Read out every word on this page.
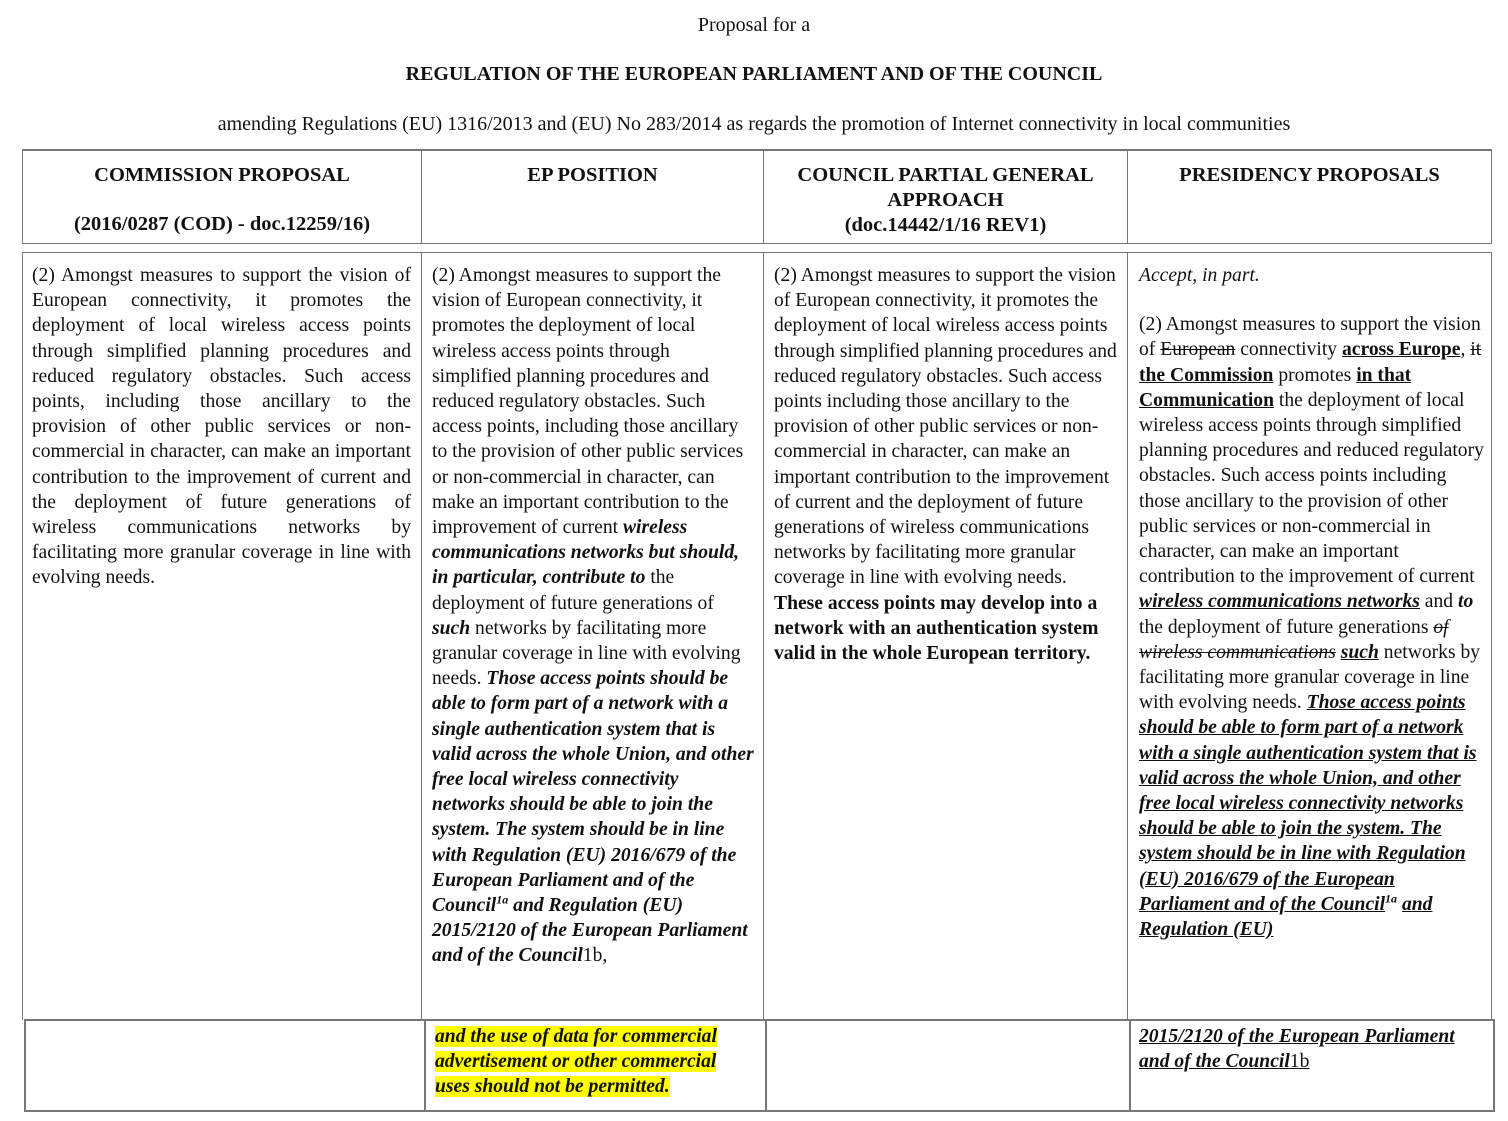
Proposal for a
REGULATION OF THE EUROPEAN PARLIAMENT AND OF THE COUNCIL
amending Regulations (EU) 1316/2013 and (EU) No 283/2014 as regards the promotion of Internet connectivity in local communities
COMMISSION PROPOSAL
(2016/0287 (COD) - doc.12259/16)
EP POSITION	COUNCIL PARTIAL GENERAL
APPROACH
(doc.14442/1/16 REV1)
PRESIDENCY PROPOSALS

(2) Amongst measures to support the vision of European connectivity, it promotes the deployment of local wireless access points through simplified planning procedures and reduced regulatory obstacles. Such access points, including those ancillary to the provision of other public services or non-commercial in character, can make an important contribution to the improvement of current and the deployment of future generations of wireless communications networks by facilitating more granular coverage in line with evolving needs.

(2) Amongst measures to support the vision of European connectivity, it promotes the deployment of local wireless access points through simplified planning procedures and reduced regulatory obstacles. Such access points, including those ancillary to the provision of other public services or non-commercial in character, can make an important contribution to the improvement of current wireless communications networks but should, in particular, contribute to the deployment of future generations of such networks by facilitating more granular coverage in line with evolving needs. Those access points should be able to form part of a network with a single authentication system that is valid across the whole Union, and other free local wireless connectivity networks should be able to join the system. The system should be in line with Regulation (EU) 2016/679 of the European Parliament and of the Council$^{1a}$ and Regulation (EU) 2015/2120 of the European Parliament and of the Council1b,

and the use of data for commercial advertisement or other commercial uses should not be permitted.

(2) Amongst measures to support the vision of European connectivity, it promotes the deployment of local wireless access points through simplified planning procedures and reduced regulatory obstacles. Such access points including those ancillary to the provision of other public services or non-commercial in character, can make an important contribution to the improvement of current and the deployment of future generations of wireless communications networks by facilitating more granular coverage in line with evolving needs. These access points may develop into a network with an authentication system valid in the whole European territory.

Accept, in part.

(2) Amongst measures to support the vision of European connectivity across Europe, it the Commission promotes in that Communication the deployment of local wireless access points through simplified planning procedures and reduced regulatory obstacles. Such access points including those ancillary to the provision of other public services or non-commercial in character, can make an important contribution to the improvement of current wireless communications networks and to the deployment of future generations of wireless communications such networks by facilitating more granular coverage in line with evolving needs. Those access points should be able to form part of a network with a single authentication system that is valid across the whole Union, and other free local wireless connectivity networks should be able to join the system. The system should be in line with Regulation (EU) 2016/679 of the European Parliament and of the Council$^{1a}$ and Regulation (EU)

2015/2120 of the European Parliament and of the Council1b
